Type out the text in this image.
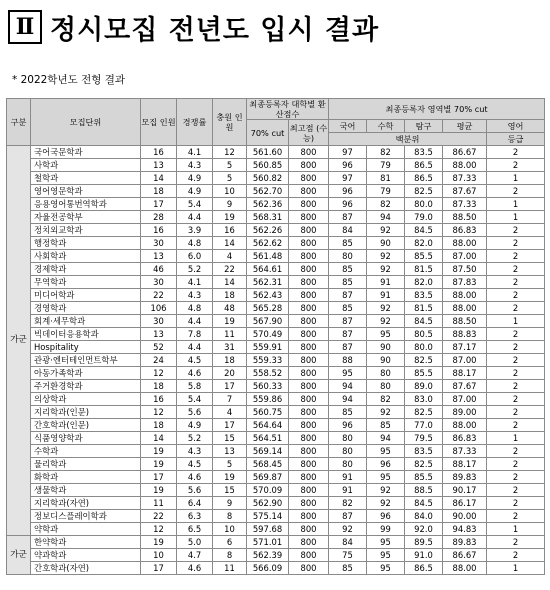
Ⅱ 정시모집 전년도 입시 결과
* 2022학년도 전형 결과
구분	모집단위	모집 인원	경쟁률	충원 인원	최종등록자 대학별 환산점수		최종등록자 영역별 70% cut				
					70% cut	최고점 (수능)	국어	수학	탐구	평균	영어
							백분위				등급
가군	국어국문학과	16	4.1	12	561.60	800	97	82	83.5	86.67	2
	사학과	13	4.3	5	560.85	800	96	79	86.5	88.00	2
	철학과	14	4.9	5	560.82	800	97	81	86.5	87.33	1
	영어영문학과	18	4.9	10	562.70	800	96	79	82.5	87.67	2
	응용영어통번역학과	17	5.4	9	562.36	800	96	82	80.0	87.33	1
	자율전공학부	28	4.4	19	568.31	800	87	94	79.0	88.50	1
	정치외교학과	16	3.9	16	562.26	800	84	92	84.5	86.83	2
	행정학과	30	4.8	14	562.62	800	85	90	82.0	88.00	2
	사회학과	13	6.0	4	561.48	800	80	92	85.5	87.00	2
	경제학과	46	5.2	22	564.61	800	85	92	81.5	87.50	2
	무역학과	30	4.1	14	562.31	800	85	91	82.0	87.83	2
	미디어학과	22	4.3	18	562.43	800	87	91	83.5	88.00	2
	경영학과	106	4.8	48	565.28	800	85	92	81.5	88.00	2
	회계·세무학과	30	4.4	19	567.90	800	87	92	84.5	88.50	1
	빅데이터응용학과	13	7.8	11	570.49	800	87	95	80.5	88.83	2
	Hospitality	52	4.4	31	559.91	800	87	90	80.0	87.17	2
	관광·엔터테인먼트학부	24	4.5	18	559.33	800	88	90	82.5	87.00	2
	아동가족학과	12	4.6	20	558.52	800	95	80	85.5	88.17	2
	주거환경학과	18	5.8	17	560.33	800	94	80	89.0	87.67	2
	의상학과	16	5.4	7	559.86	800	94	82	83.0	87.00	2
	지리학과(인문)	12	5.6	4	560.75	800	85	92	82.5	89.00	2
	간호학과(인문)	18	4.9	17	564.64	800	96	85	77.0	88.00	2
	식품영양학과	14	5.2	15	564.51	800	80	94	79.5	86.83	1
	수학과	19	4.3	13	569.14	800	80	95	83.5	87.33	2
	물리학과	19	4.5	5	568.45	800	80	96	82.5	88.17	2
	화학과	17	4.6	19	569.87	800	91	95	85.5	89.83	2
	생물학과	19	5.6	15	570.09	800	91	92	88.5	90.17	2
	지리학과(자연)	11	6.4	9	562.90	800	82	92	84.5	86.17	2
	정보디스플레이학과	22	6.3	8	575.14	800	87	96	84.0	90.00	2
	약학과	12	6.5	10	597.68	800	92	99	92.0	94.83	1
가군	한약학과	19	5.0	6	571.01	800	84	95	89.5	89.83	2
	약과학과	10	4.7	8	562.39	800	75	95	91.0	86.67	2
	간호학과(자연)	17	4.6	11	566.09	800	85	95	86.5	88.00	1
